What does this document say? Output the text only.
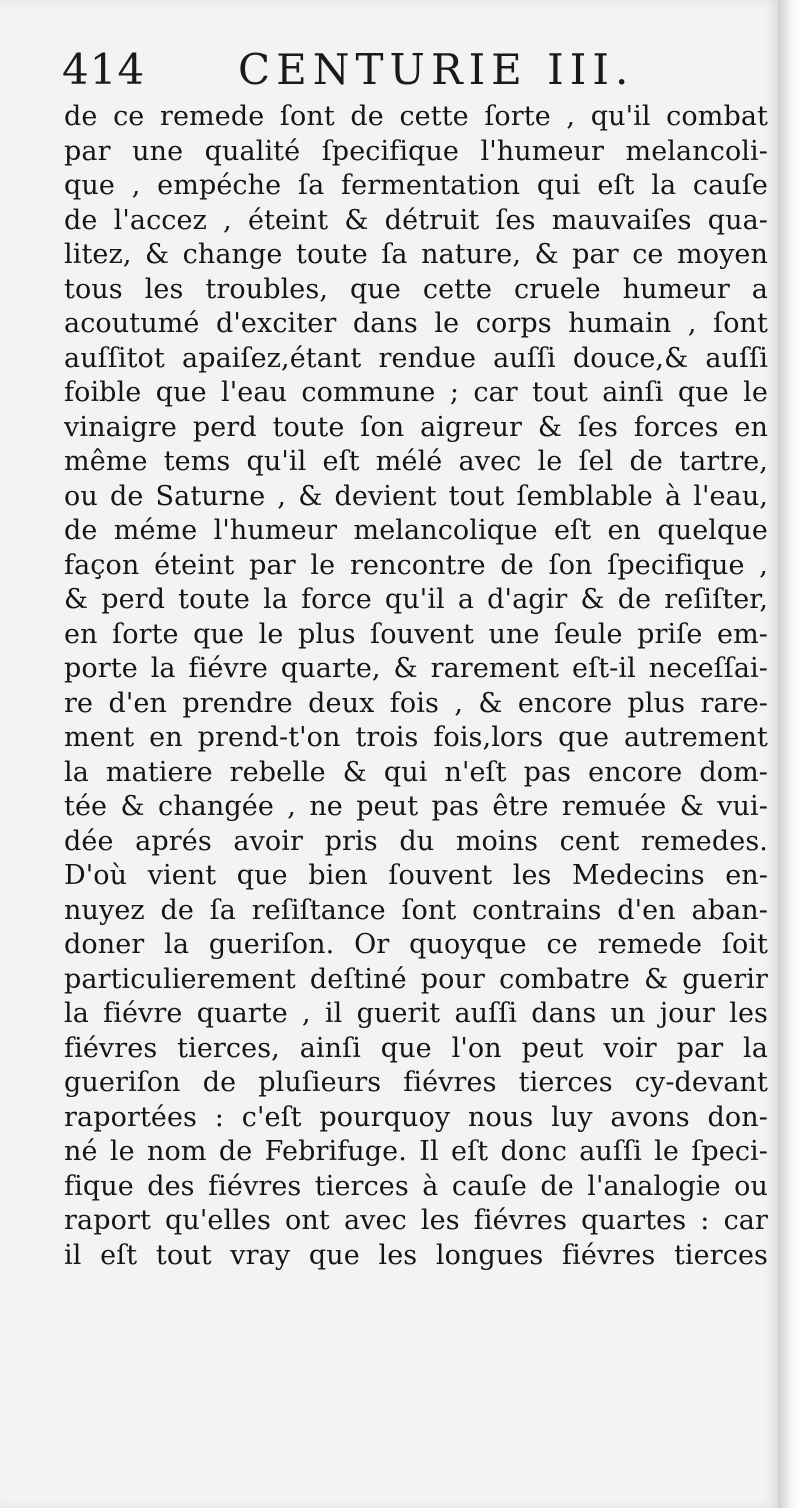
414 CENTURIE III.
de ce remede ſont de cette ſorte , qu'il combat
par une qualité ſpecifique l'humeur melancoli-
que , empéche ſa fermentation qui eſt la cauſe
de l'accez , éteint & détruit ſes mauvaiſes qua-
litez, & change toute ſa nature, & par ce moyen
tous les troubles, que cette cruele humeur a
acoutumé d'exciter dans le corps humain , ſont
auſſitot apaiſez,étant rendue auſſi douce,& auſſi
foible que l'eau commune ; car tout ainſi que le
vinaigre perd toute ſon aigreur & ſes forces en
même tems qu'il eſt mélé avec le ſel de tartre,
ou de Saturne , & devient tout ſemblable à l'eau,
de méme l'humeur melancolique eſt en quelque
façon éteint par le rencontre de ſon ſpecifique ,
& perd toute la force qu'il a d'agir & de reſiſter,
en ſorte que le plus ſouvent une ſeule priſe em-
porte la fiévre quarte, & rarement eſt-il neceſſai-
re d'en prendre deux fois , & encore plus rare-
ment en prend-t'on trois fois,lors que autrement
la matiere rebelle & qui n'eſt pas encore dom-
tée & changée , ne peut pas être remuée & vui-
dée aprés avoir pris du moins cent remedes.
D'où vient que bien ſouvent les Medecins en-
nuyez de ſa reſiſtance ſont contrains d'en aban-
doner la gueriſon. Or quoyque ce remede ſoit
particulierement deſtiné pour combatre & guerir
la fiévre quarte , il guerit auſſi dans un jour les
fiévres tierces, ainſi que l'on peut voir par la
gueriſon de pluſieurs fiévres tierces cy-devant
raportées : c'eſt pourquoy nous luy avons don-
né le nom de Febrifuge. Il eſt donc auſſi le ſpeci-
fique des fiévres tierces à cauſe de l'analogie ou
raport qu'elles ont avec les fiévres quartes : car
il eſt tout vray que les longues fiévres tierces
